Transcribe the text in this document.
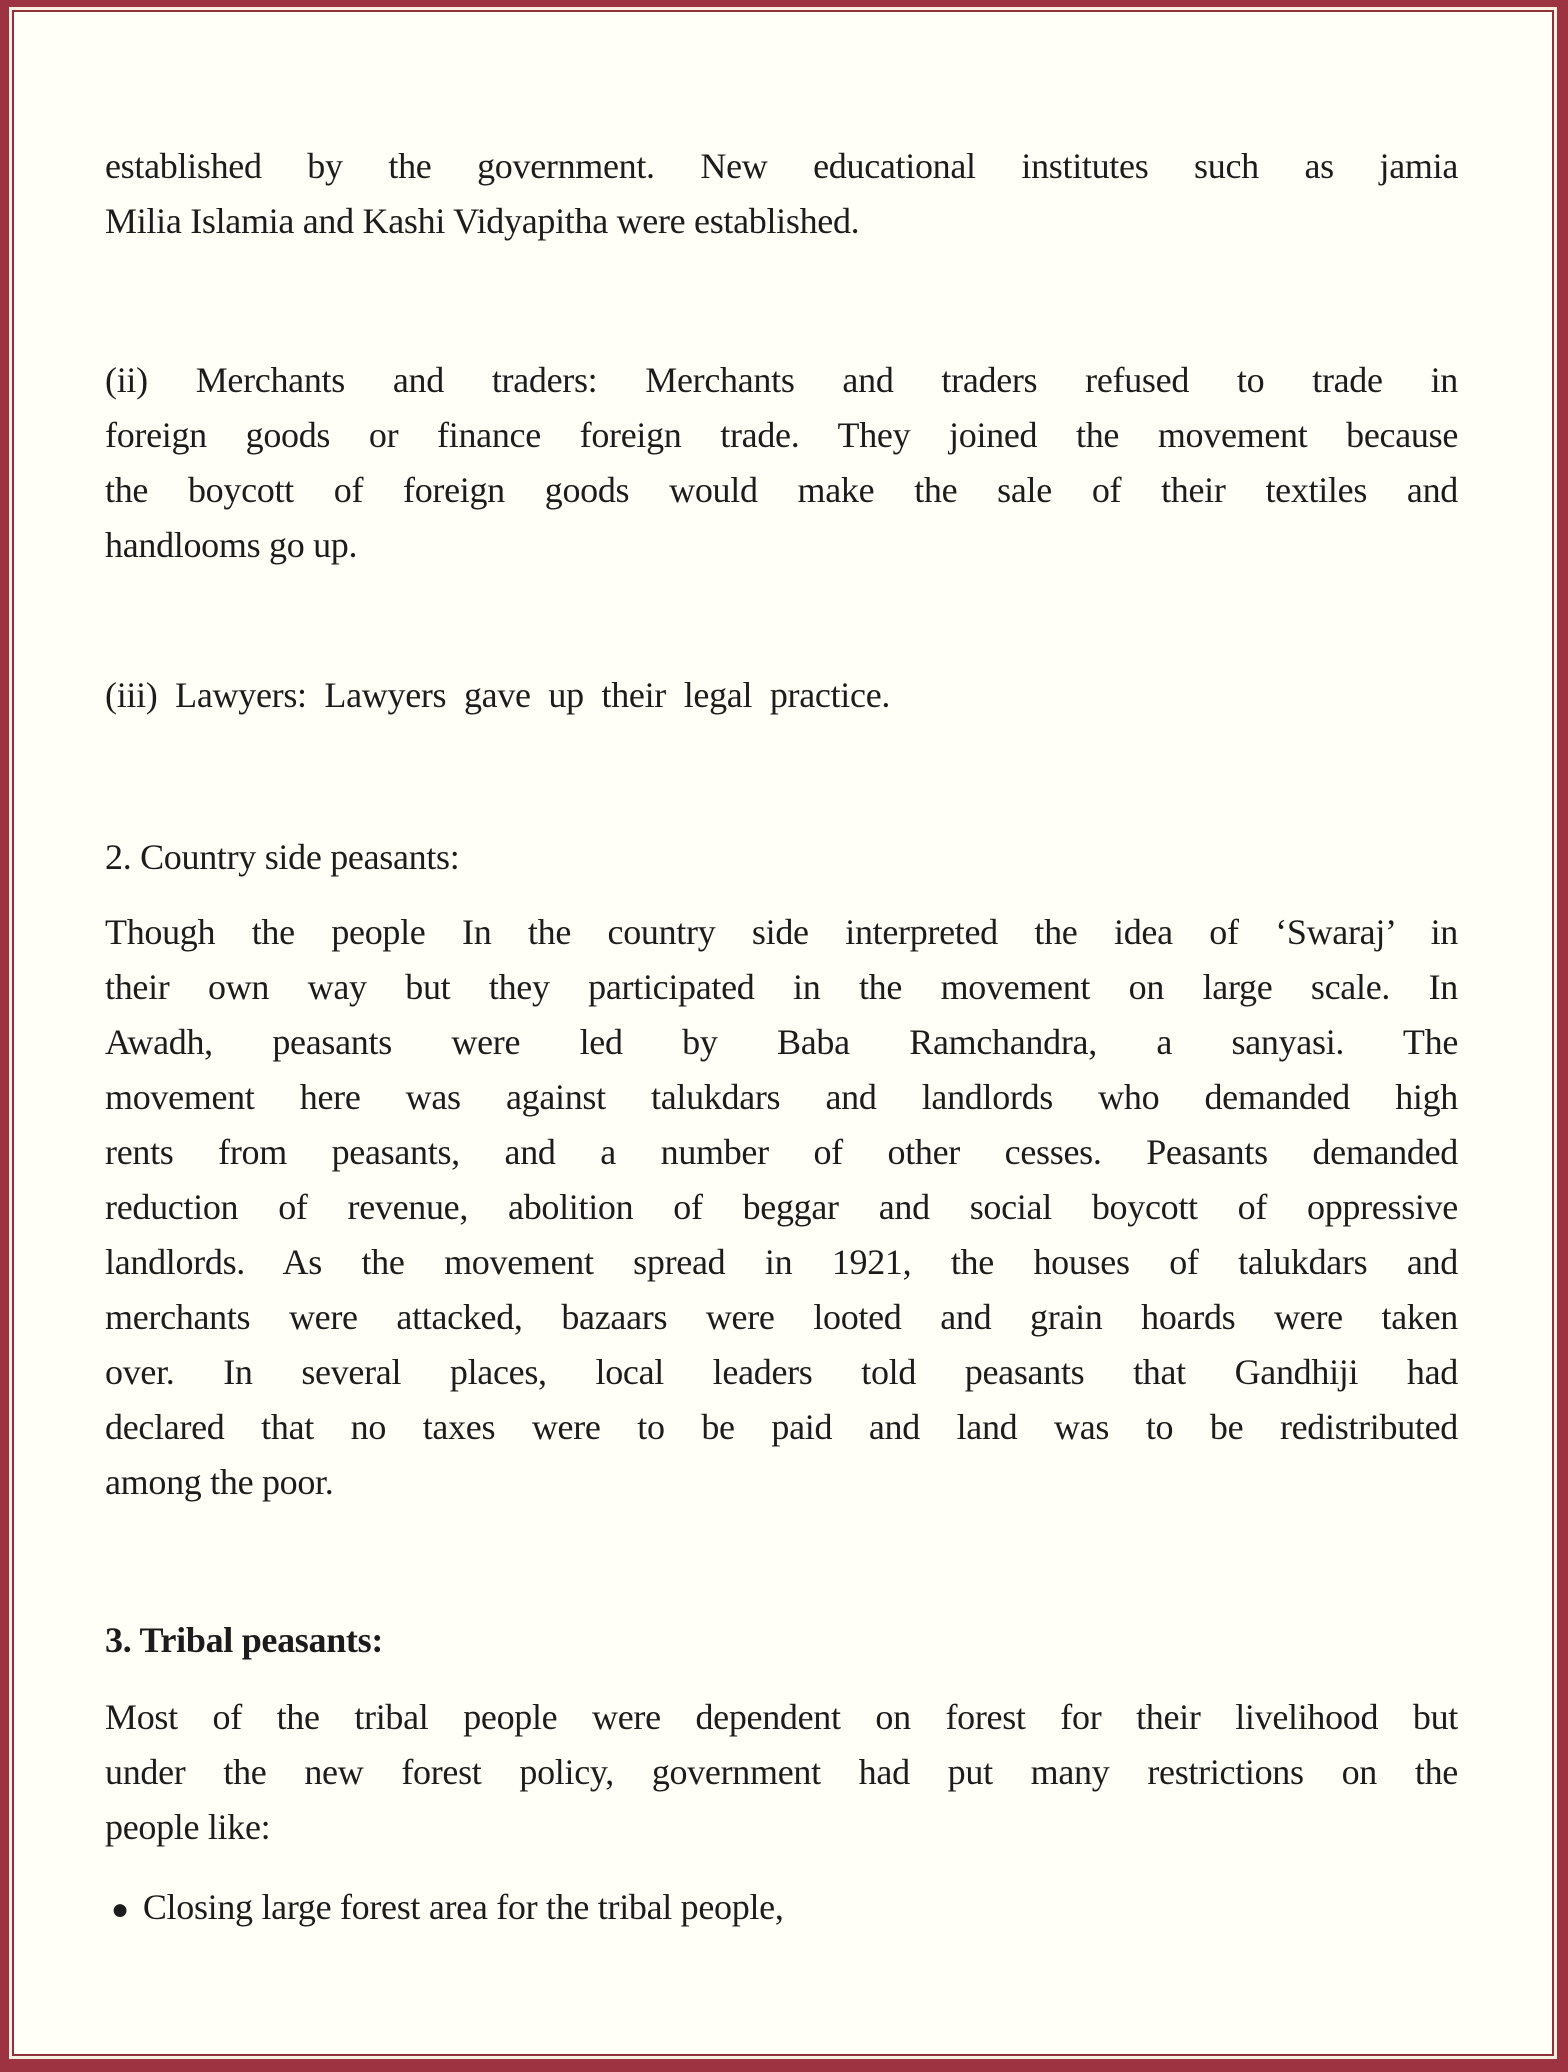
established by the government. New educational institutes such as jamia
Milia Islamia and Kashi Vidyapitha were established.
(ii) Merchants and traders: Merchants and traders refused to trade in
foreign goods or finance foreign trade. They joined the movement because
the boycott of foreign goods would make the sale of their textiles and
handlooms go up.
(iii) Lawyers: Lawyers gave up their legal practice.
2. Country side peasants:
Though the people In the country side interpreted the idea of ‘Swaraj’ in
their own way but they participated in the movement on large scale. In
Awadh, peasants were led by Baba Ramchandra, a sanyasi. The
movement here was against talukdars and landlords who demanded high
rents from peasants, and a number of other cesses. Peasants demanded
reduction of revenue, abolition of beggar and social boycott of oppressive
landlords. As the movement spread in 1921, the houses of talukdars and
merchants were attacked, bazaars were looted and grain hoards were taken
over. In several places, local leaders told peasants that Gandhiji had
declared that no taxes were to be paid and land was to be redistributed
among the poor.
3. Tribal peasants:
Most of the tribal people were dependent on forest for their livelihood but
under the new forest policy, government had put many restrictions on the
people like:
● Closing large forest area for the tribal people,
